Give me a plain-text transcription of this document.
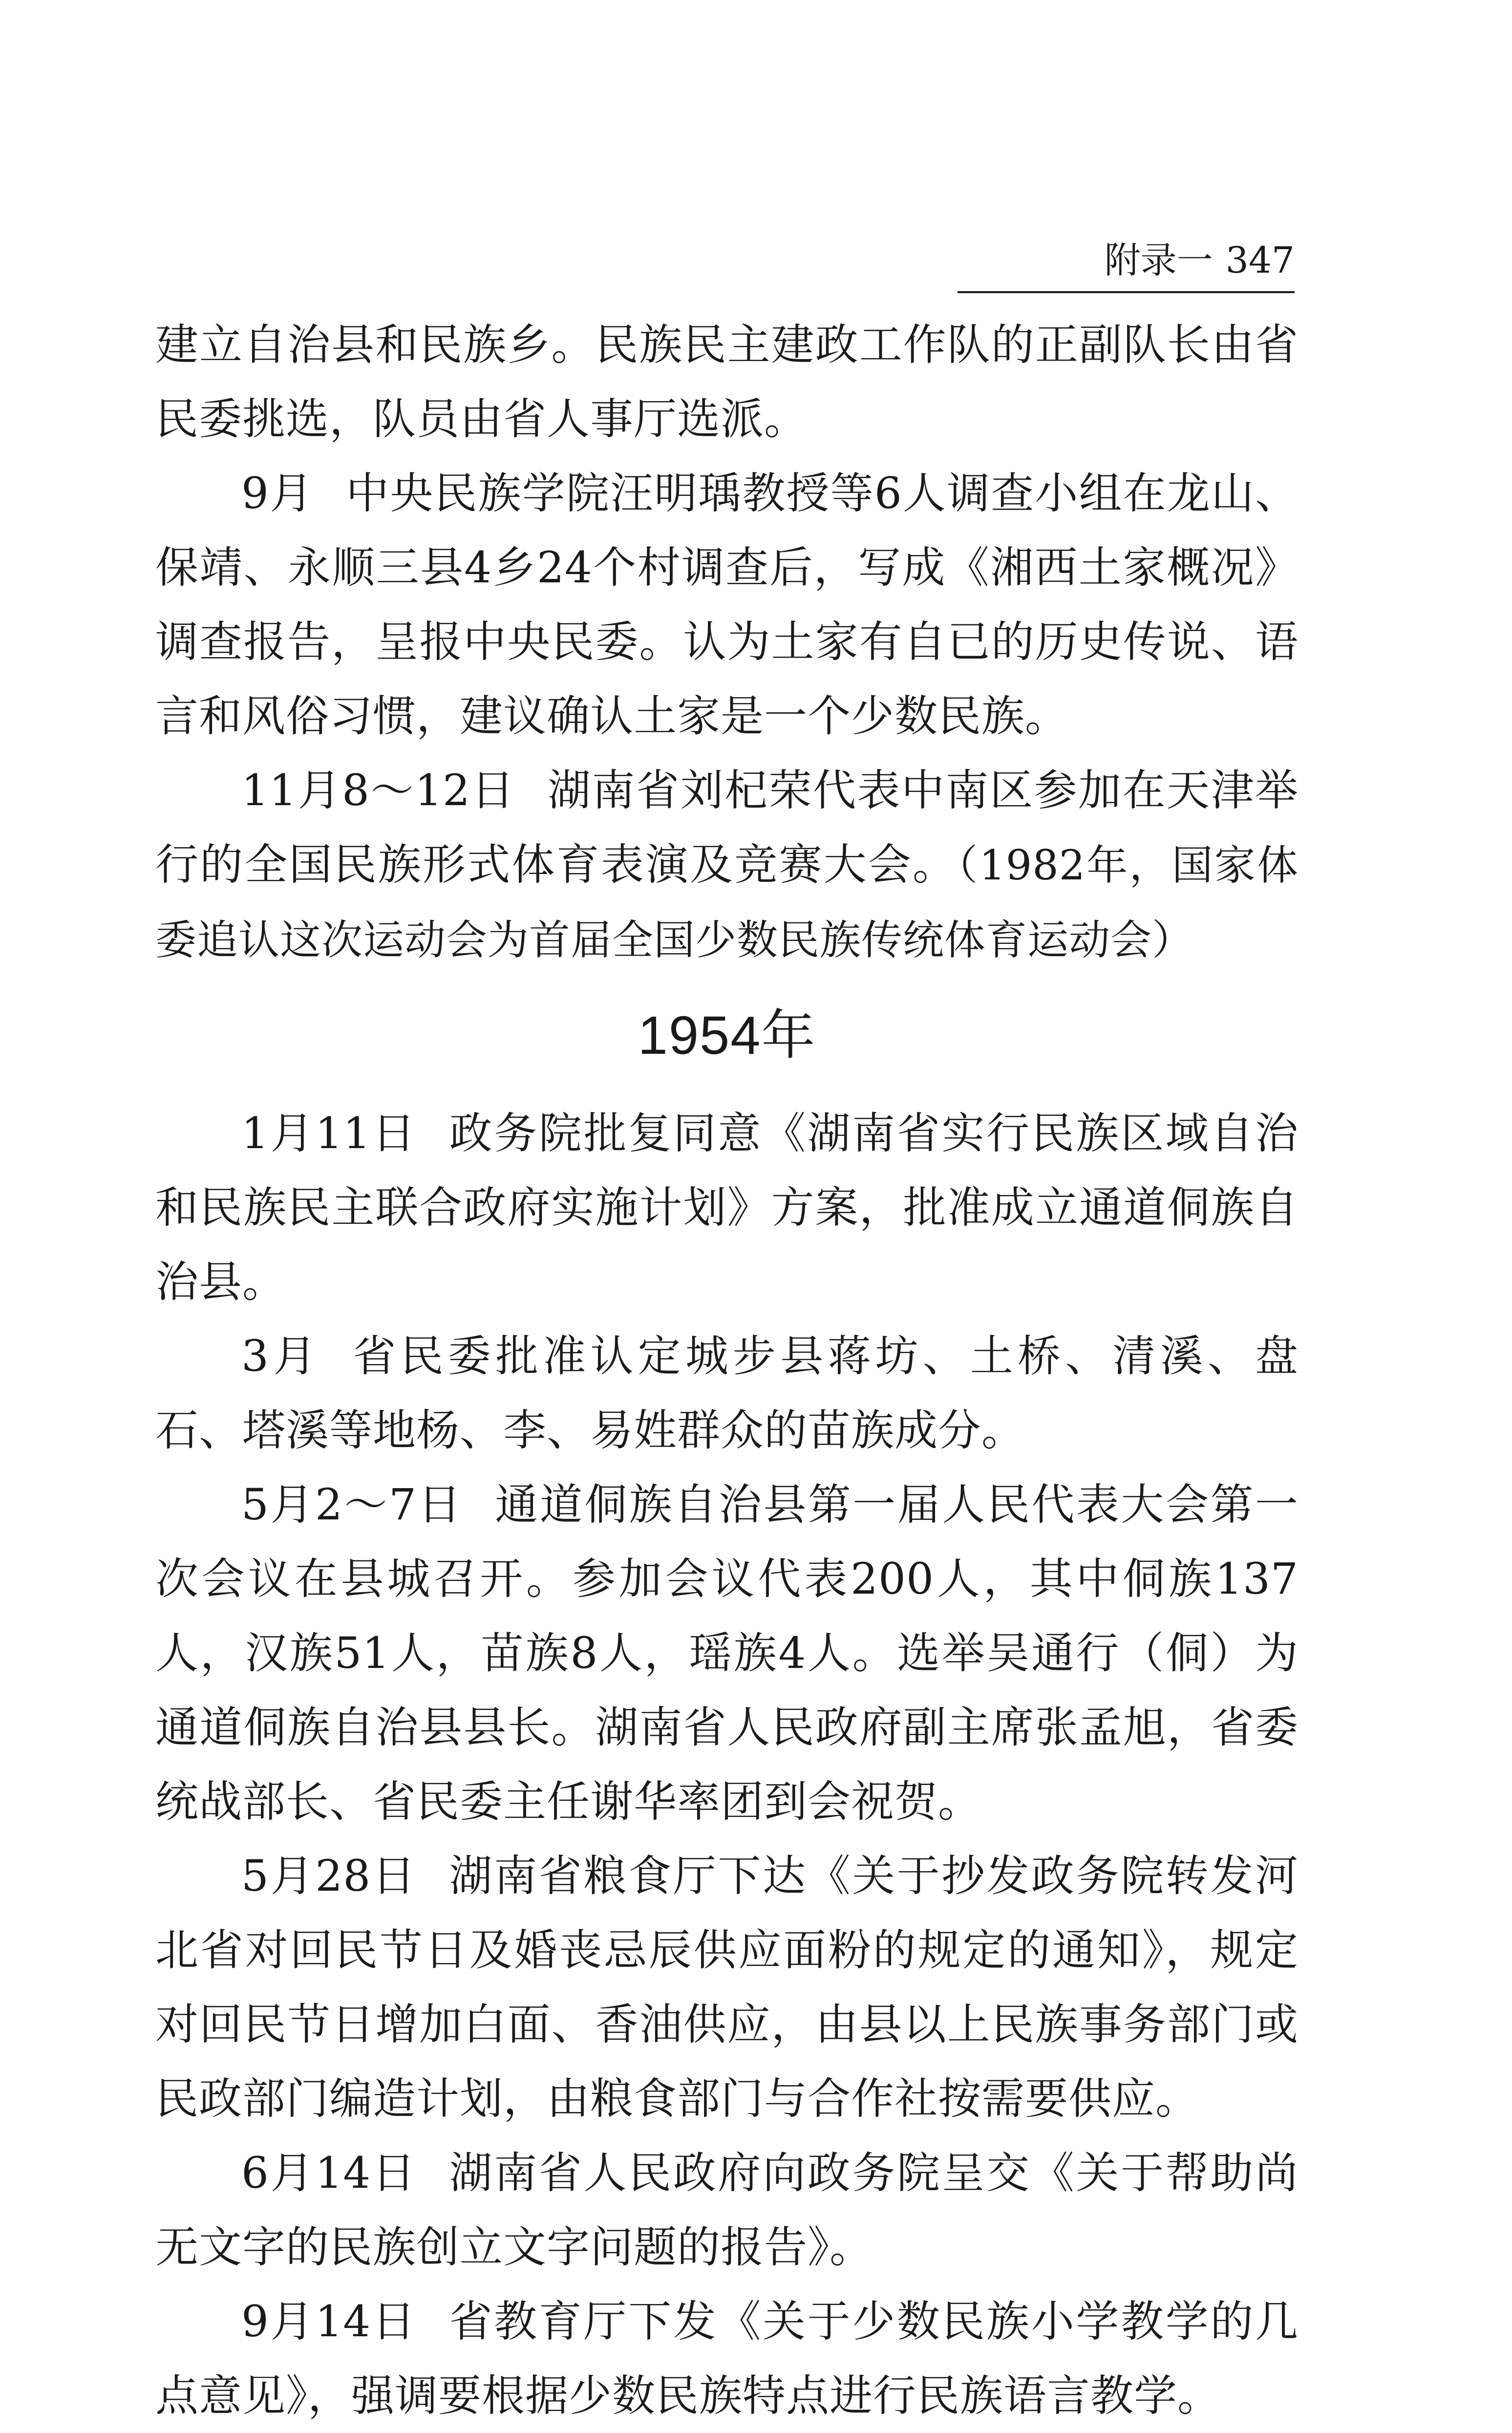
附录一 347

建立自治县和民族乡。民族民主建政工作队的正副队长由省民委挑选，队员由省人事厅选派。

9月 中央民族学院汪明瑀教授等6人调查小组在龙山、保靖、永顺三县4乡24个村调查后，写成《湘西土家概况》调查报告，呈报中央民委。认为土家有自已的历史传说、语言和风俗习惯，建议确认土家是一个少数民族。

11月8～12日 湖南省刘杞荣代表中南区参加在天津举行的全国民族形式体育表演及竞赛大会。（1982年，国家体委追认这次运动会为首届全国少数民族传统体育运动会）

1954年

1月11日 政务院批复同意《湖南省实行民族区域自治和民族民主联合政府实施计划》方案，批准成立通道侗族自治县。

3月 省民委批准认定城步县蒋坊、土桥、清溪、盘石、塔溪等地杨、李、易姓群众的苗族成分。

5月2～7日 通道侗族自治县第一届人民代表大会第一次会议在县城召开。参加会议代表200人，其中侗族137人，汉族51人，苗族8人，瑶族4人。选举吴通行（侗）为通道侗族自治县县长。湖南省人民政府副主席张孟旭，省委统战部长、省民委主任谢华率团到会祝贺。

5月28日 湖南省粮食厅下达《关于抄发政务院转发河北省对回民节日及婚丧忌辰供应面粉的规定的通知》，规定对回民节日增加白面、香油供应，由县以上民族事务部门或民政部门编造计划，由粮食部门与合作社按需要供应。

6月14日 湖南省人民政府向政务院呈交《关于帮助尚无文字的民族创立文字问题的报告》。

9月14日 省教育厅下发《关于少数民族小学教学的几点意见》，强调要根据少数民族特点进行民族语言教学。
